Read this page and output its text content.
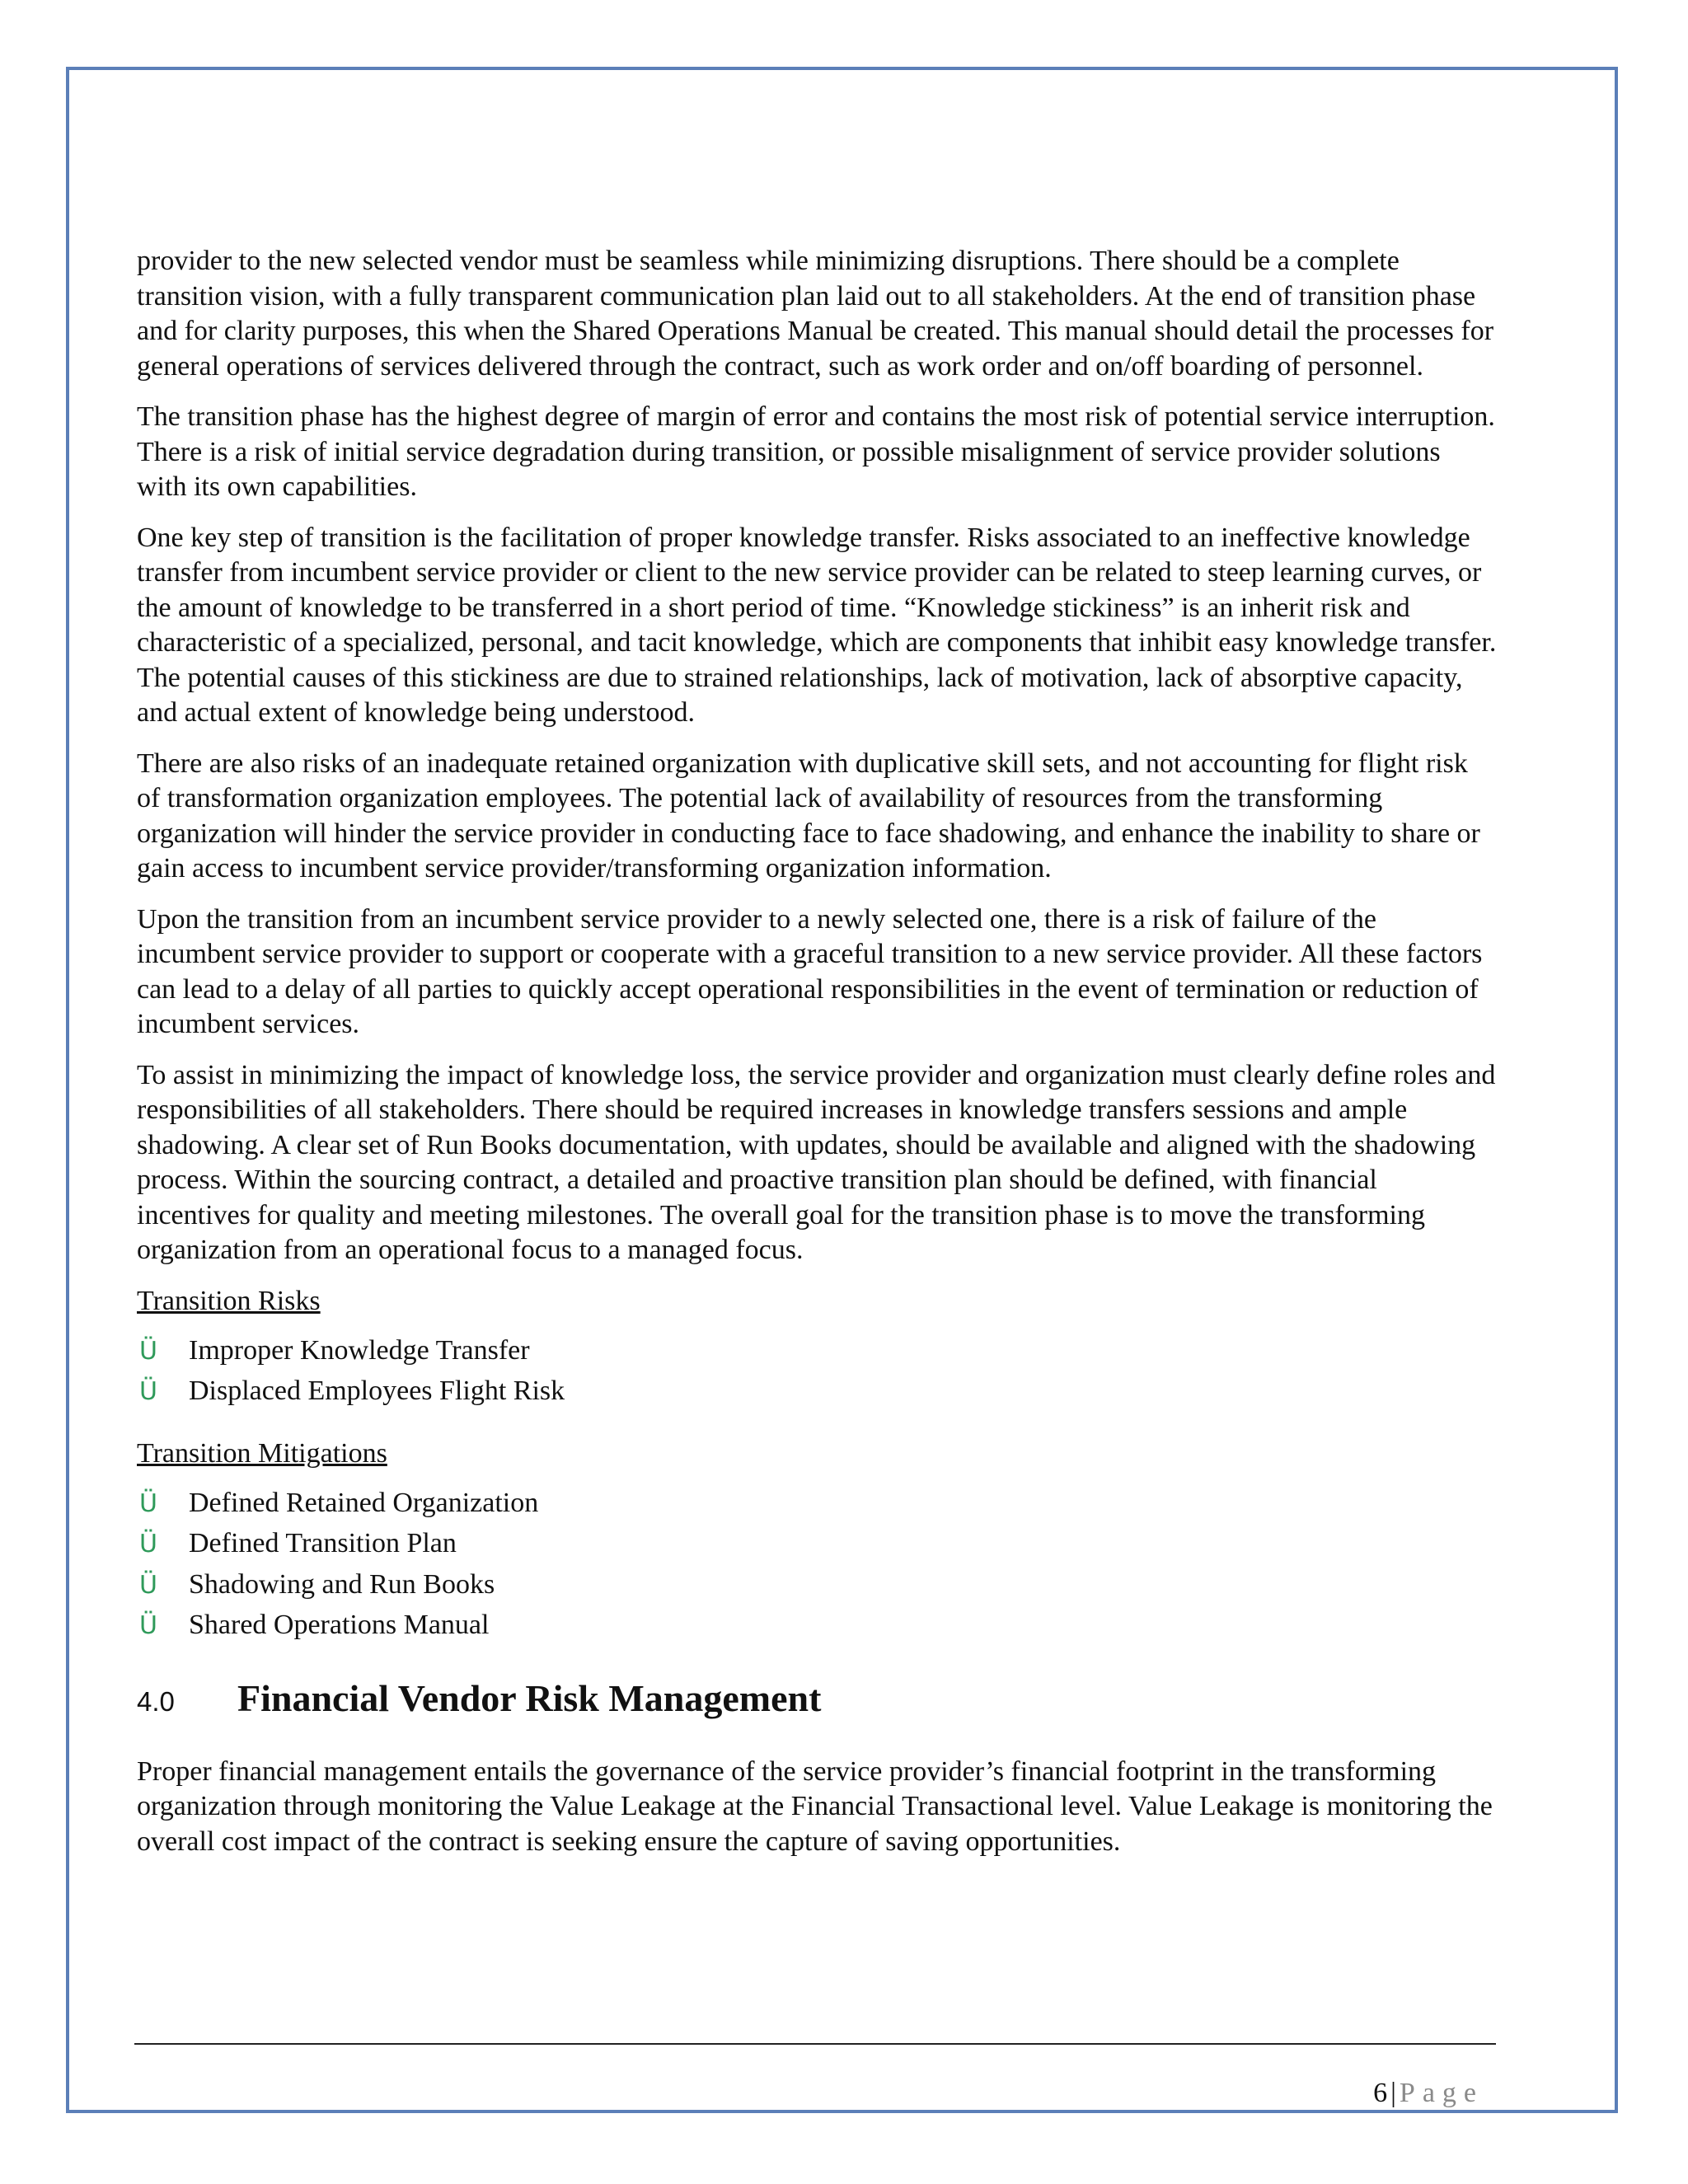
provider to the new selected vendor must be seamless while minimizing disruptions. There should be a complete transition vision, with a fully transparent communication plan laid out to all stakeholders. At the end of transition phase and for clarity purposes, this when the Shared Operations Manual be created. This manual should detail the processes for general operations of services delivered through the contract, such as work order and on/off boarding of personnel.

The transition phase has the highest degree of margin of error and contains the most risk of potential service interruption. There is a risk of initial service degradation during transition, or possible misalignment of service provider solutions with its own capabilities.

One key step of transition is the facilitation of proper knowledge transfer. Risks associated to an ineffective knowledge transfer from incumbent service provider or client to the new service provider can be related to steep learning curves, or the amount of knowledge to be transferred in a short period of time. “Knowledge stickiness” is an inherit risk and characteristic of a specialized, personal, and tacit knowledge, which are components that inhibit easy knowledge transfer. The potential causes of this stickiness are due to strained relationships, lack of motivation, lack of absorptive capacity, and actual extent of knowledge being understood.

There are also risks of an inadequate retained organization with duplicative skill sets, and not accounting for flight risk of transformation organization employees. The potential lack of availability of resources from the transforming organization will hinder the service provider in conducting face to face shadowing, and enhance the inability to share or gain access to incumbent service provider/transforming organization information.

Upon the transition from an incumbent service provider to a newly selected one, there is a risk of failure of the incumbent service provider to support or cooperate with a graceful transition to a new service provider. All these factors can lead to a delay of all parties to quickly accept operational responsibilities in the event of termination or reduction of incumbent services.

To assist in minimizing the impact of knowledge loss, the service provider and organization must clearly define roles and responsibilities of all stakeholders. There should be required increases in knowledge transfers sessions and ample shadowing. A clear set of Run Books documentation, with updates, should be available and aligned with the shadowing process. Within the sourcing contract, a detailed and proactive transition plan should be defined, with financial incentives for quality and meeting milestones. The overall goal for the transition phase is to move the transforming organization from an operational focus to a managed focus.

Transition Risks
Ü	Improper Knowledge Transfer
Ü	Displaced Employees Flight Risk
Transition Mitigations
Ü	Defined Retained Organization
Ü	Defined Transition Plan
Ü	Shadowing and Run Books
Ü	Shared Operations Manual
4.0	Financial Vendor Risk Management

Proper financial management entails the governance of the service provider’s financial footprint in the transforming organization through monitoring the Value Leakage at the Financial Transactional level. Value Leakage is monitoring the overall cost impact of the contract is seeking ensure the capture of saving opportunities.

6 | Page
